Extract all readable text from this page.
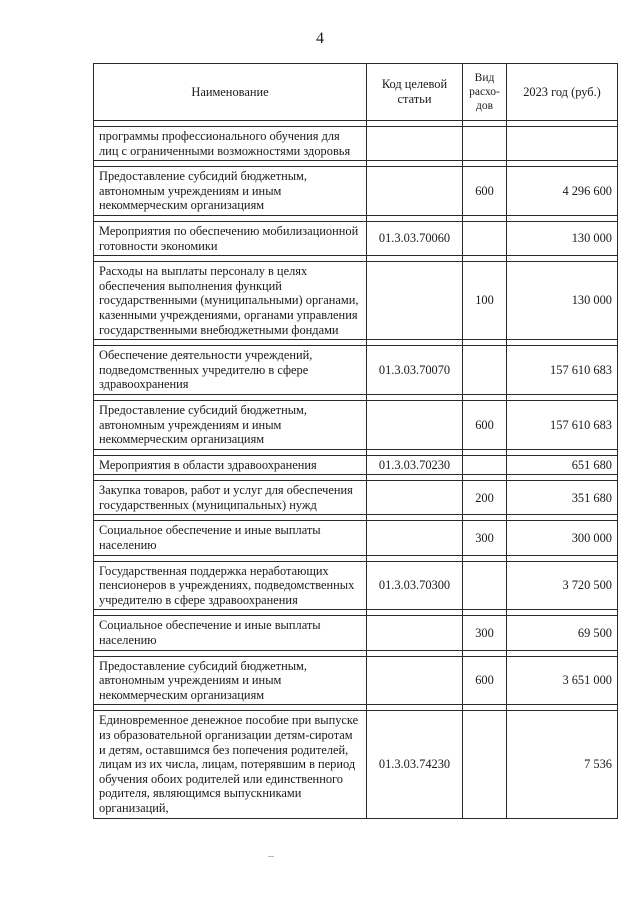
4
Наименование	Код целевой статьи	Вид расхо-дов	2023 год (руб.)

программы профессионального обучения для лиц с ограниченными возможностями здоровья			

Предоставление субсидий бюджетным, автономным учреждениям и иным некоммерческим организациям		600	4 296 600

Мероприятия по обеспечению мобилизационной готовности экономики	01.3.03.70060		130 000

Расходы на выплаты персоналу в целях обеспечения выполнения функций государственными (муниципальными) органами, казенными учреждениями, органами управления государственными внебюджетными фондами		100	130 000

Обеспечение деятельности учреждений, подведомственных учредителю в сфере здравоохранения	01.3.03.70070		157 610 683

Предоставление субсидий бюджетным, автономным учреждениям и иным некоммерческим организациям		600	157 610 683

Мероприятия в области здравоохранения	01.3.03.70230		651 680

Закупка товаров, работ и услуг для обеспечения государственных (муниципальных) нужд		200	351 680

Социальное обеспечение и иные выплаты населению		300	300 000

Государственная поддержка неработающих пенсионеров в учреждениях, подведомственных учредителю в сфере здравоохранения	01.3.03.70300		3 720 500

Социальное обеспечение и иные выплаты населению		300	69 500

Предоставление субсидий бюджетным, автономным учреждениям и иным некоммерческим организациям		600	3 651 000

Единовременное денежное пособие при выпуске из образовательной организации детям-сиротам и детям, оставшимся без попечения родителей, лицам из их числа, лицам, потерявшим в период обучения обоих родителей или единственного родителя, являющимся выпускниками организаций,	01.3.03.74230		7 536
